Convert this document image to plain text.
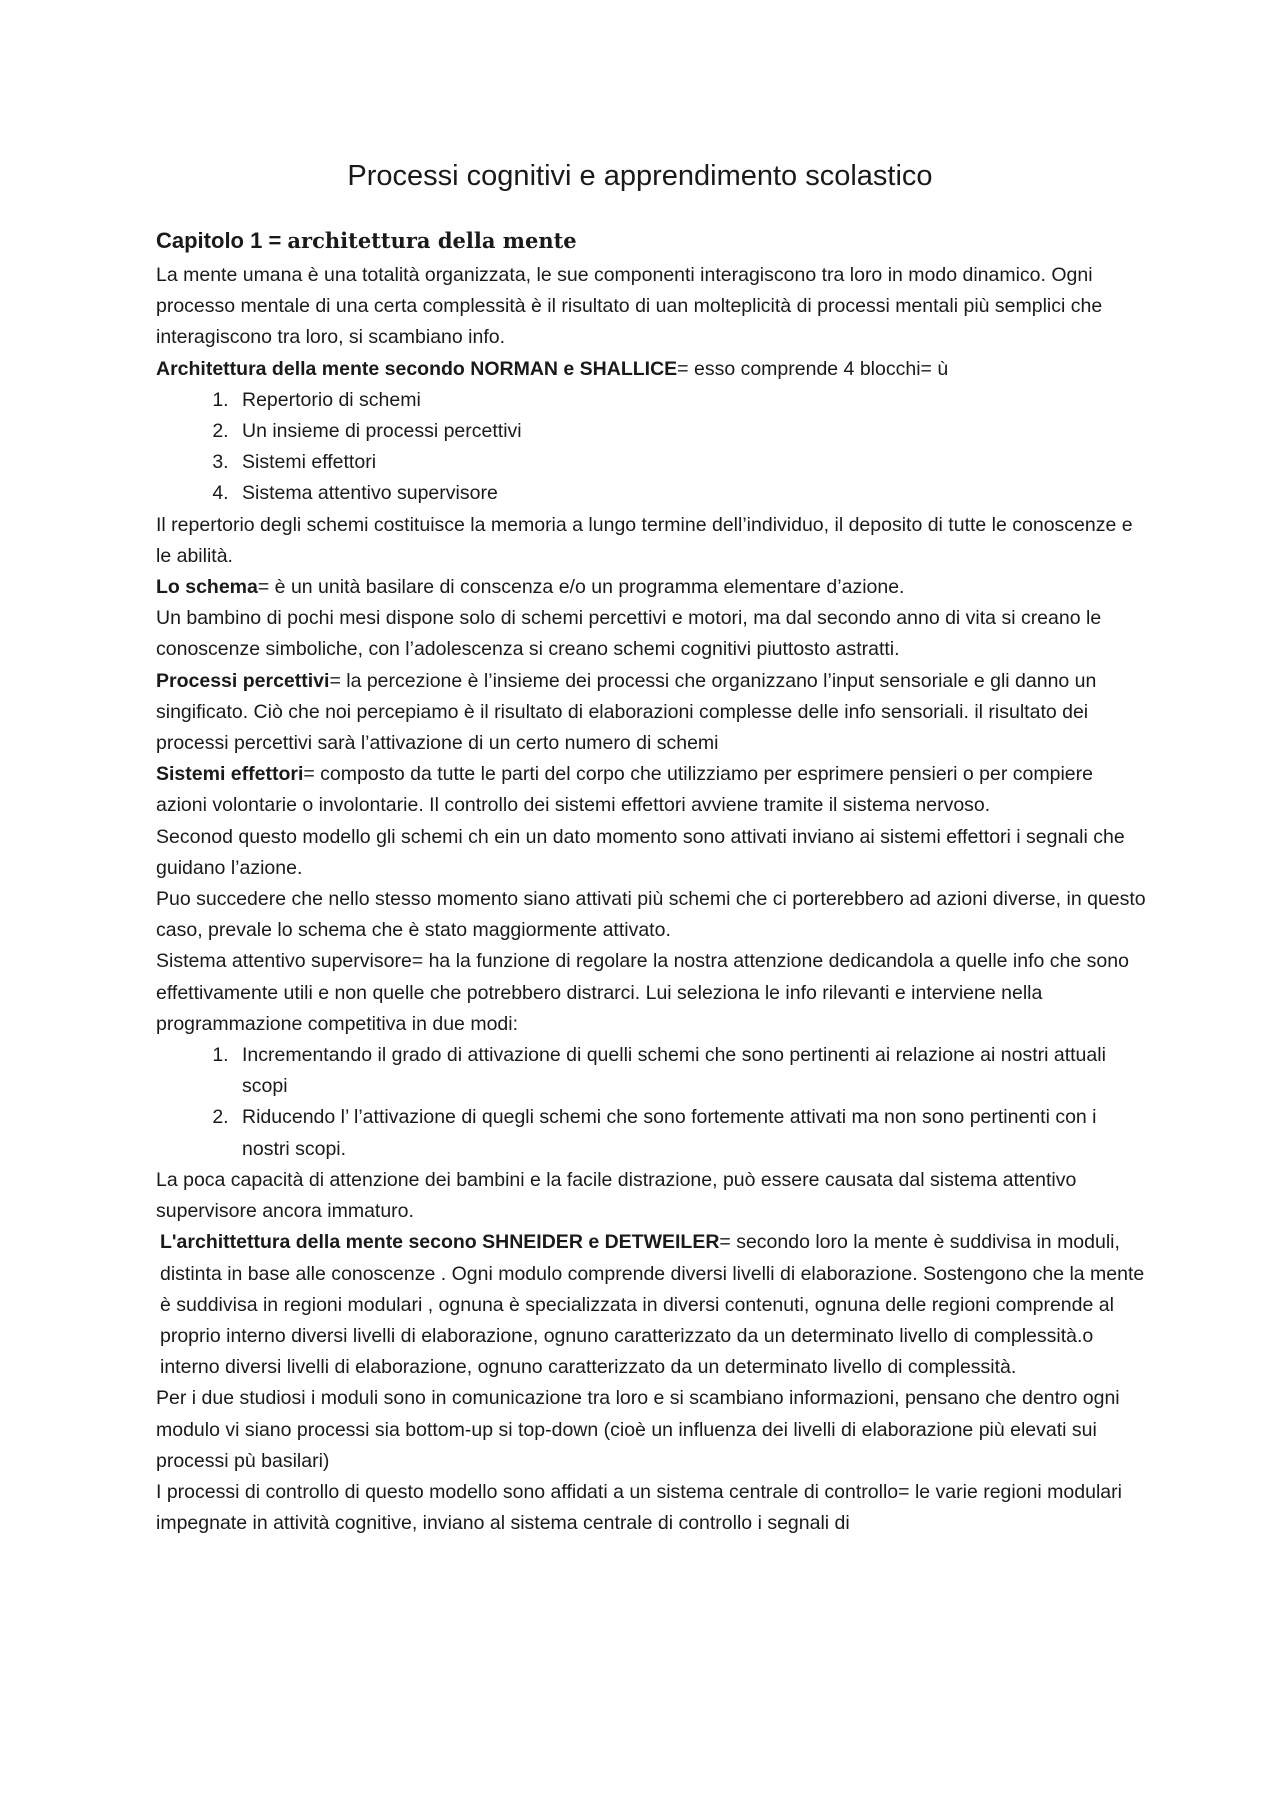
Processi cognitivi e apprendimento scolastico
Capitolo 1 = architettura della mente

La mente umana è una totalità organizzata, le sue componenti interagiscono tra loro in modo dinamico. Ogni processo mentale di una certa complessità è il risultato di uan molteplicità di processi mentali più semplici che interagiscono tra loro, si scambiano info.

Architettura della mente secondo NORMAN e SHALLICE= esso comprende 4 blocchi= ù

1. Repertorio di schemi
2. Un insieme di processi percettivi
3. Sistemi effettori
4. Sistema attentivo supervisore

Il repertorio degli schemi costituisce la memoria a lungo termine dell’individuo, il deposito di tutte le conoscenze e le abilità.

Lo schema= è un unità basilare di conscenza e/o un programma elementare d’azione.

Un bambino di pochi mesi dispone solo di schemi percettivi e motori, ma dal secondo anno di vita si creano le conoscenze simboliche, con l’adolescenza si creano schemi cognitivi piuttosto astratti.

Processi percettivi= la percezione è l’insieme dei processi che organizzano l’input sensoriale e gli danno un singificato. Ciò che noi percepiamo è il risultato di elaborazioni complesse delle info sensoriali. il risultato dei processi percettivi sarà l’attivazione di un certo numero di schemi

Sistemi effettori= composto da tutte le parti del corpo che utilizziamo per esprimere pensieri o per compiere azioni volontarie o involontarie. Il controllo dei sistemi effettori avviene tramite il sistema nervoso.

Seconod questo modello gli schemi ch ein un dato momento sono attivati inviano ai sistemi effettori i segnali che guidano l’azione.

Puo succedere che nello stesso momento siano attivati più schemi che ci porterebbero ad azioni diverse, in questo caso, prevale lo schema che è stato maggiormente attivato.

Sistema attentivo supervisore= ha la funzione di regolare la nostra attenzione dedicandola a quelle info che sono effettivamente utili e non quelle che potrebbero distrarci. Lui seleziona le info rilevanti e interviene nella programmazione competitiva in due modi:

1. Incrementando il grado di attivazione di quelli schemi che sono pertinenti ai relazione ai nostri attuali scopi
2. Riducendo l’ l’attivazione di quegli schemi che sono fortemente attivati ma non sono pertinenti con i nostri scopi.

La poca capacità di attenzione dei bambini e la facile distrazione, può essere causata dal sistema attentivo supervisore ancora immaturo.

L'archittettura della mente secono SHNEIDER e DETWEILER= secondo loro la mente è suddivisa in moduli, distinta in base alle conoscenze . Ogni modulo comprende diversi livelli di elaborazione. Sostengono che la mente è suddivisa in regioni modulari , ognuna è specializzata in diversi contenuti, ognuna delle regioni comprende al proprio interno diversi livelli di elaborazione, ognuno caratterizzato da un determinato livello di complessità.o interno diversi livelli di elaborazione, ognuno caratterizzato da un determinato livello di complessità.

Per i due studiosi i moduli sono in comunicazione tra loro e si scambiano informazioni, pensano che dentro ogni modulo vi siano processi sia bottom-up si top-down (cioè un influenza dei livelli di elaborazione più elevati sui processi pù basilari)

I processi di controllo di questo modello sono affidati a un sistema centrale di controllo= le varie regioni modulari impegnate in attività cognitive, inviano al sistema centrale di controllo i segnali di
